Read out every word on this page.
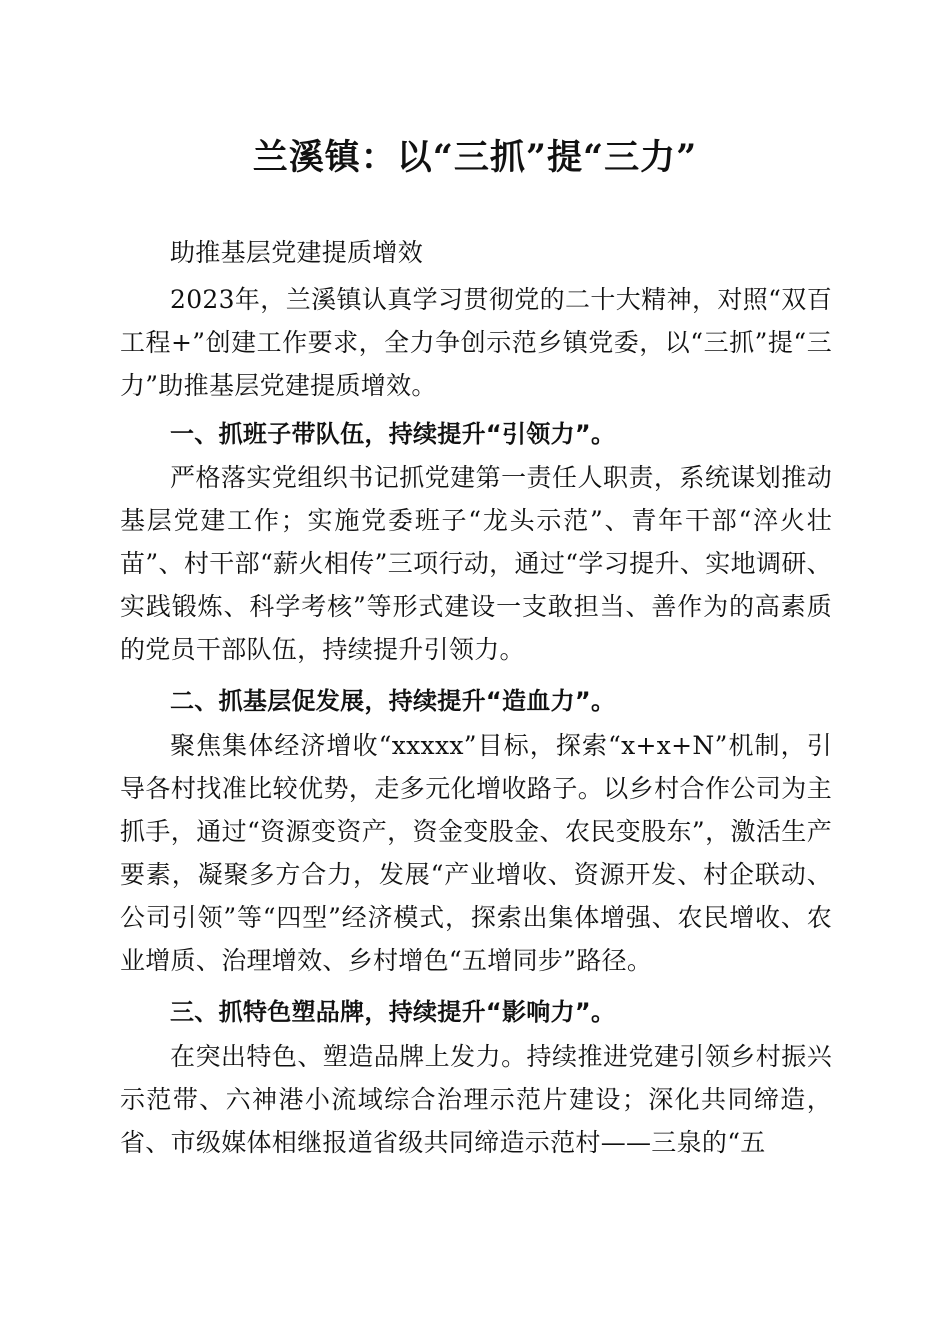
兰溪镇：以“三抓”提“三力”

助推基层党建提质增效

2023年，兰溪镇认真学习贯彻党的二十大精神，对照“双百工程+”创建工作要求，全力争创示范乡镇党委，以“三抓”提“三力”助推基层党建提质增效。

一、抓班子带队伍，持续提升“引领力”。

严格落实党组织书记抓党建第一责任人职责，系统谋划推动基层党建工作；实施党委班子“龙头示范”、青年干部“淬火壮苗”、村干部“薪火相传”三项行动，通过“学习提升、实地调研、实践锻炼、科学考核”等形式建设一支敢担当、善作为的高素质的党员干部队伍，持续提升引领力。

二、抓基层促发展，持续提升“造血力”。

聚焦集体经济增收“xxxxx”目标，探索“x+x+N”机制，引导各村找准比较优势，走多元化增收路子。以乡村合作公司为主抓手，通过“资源变资产，资金变股金、农民变股东”，激活生产要素，凝聚多方合力，发展“产业增收、资源开发、村企联动、公司引领”等“四型”经济模式，探索出集体增强、农民增收、农业增质、治理增效、乡村增色“五增同步”路径。

三、抓特色塑品牌，持续提升“影响力”。

在突出特色、塑造品牌上发力。持续推进党建引领乡村振兴示范带、六神港小流域综合治理示范片建设；深化共同缔造，省、市级媒体相继报道省级共同缔造示范村——三泉的“五
